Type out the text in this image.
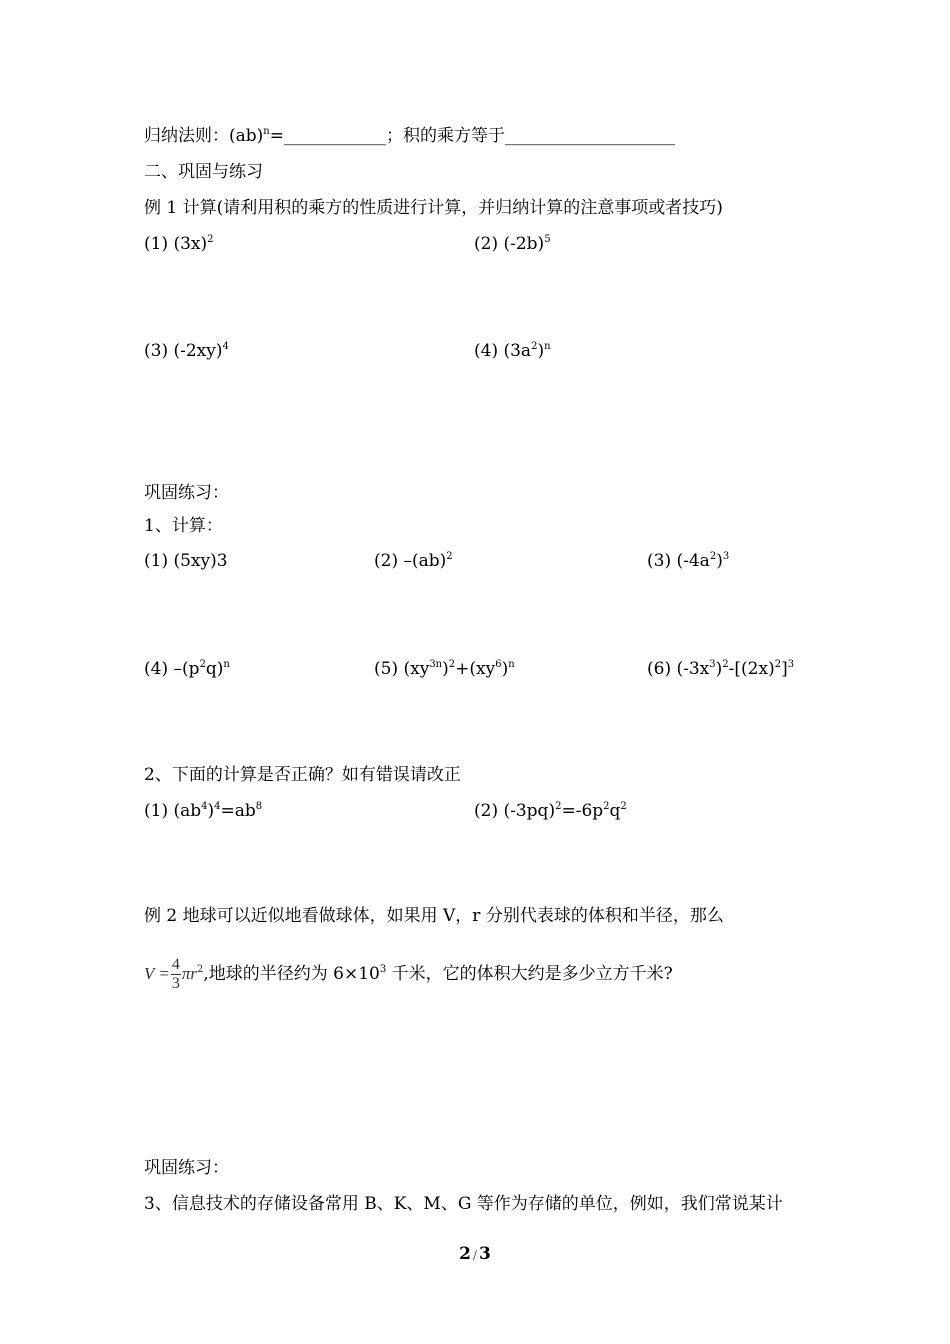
归纳法则：(ab)$^n$=____________；积的乘方等于____________________
二、巩固与练习
例 1 计算(请利用积的乘方的性质进行计算，并归纳计算的注意事项或者技巧)
(1) $(3x)^2$	(2) $(-2b)^5$
(3) $(-2xy)^4$	(4) $(3a^2)^n$
巩固练习：
1、计算：
(1) (5xy)3	(2) –(ab)$^2$	(3) $(-4a^2)^3$
(4) $-(p^2q)^n$	(5) $(xy^{3n})^2+(xy^6)^n$	(6) $(-3x^3)^2-[(2x)^2]^3$
2、下面的计算是否正确？如有错误请改正
(1) $(ab^4)^4=ab^8$	(2) $(-3pq)^2=-6p^2q^2$
例 2 地球可以近似地看做球体，如果用 V，r 分别代表球的体积和半径，那么
$V = \frac{4}{3} \pi r^2$,地球的半径约为 $6\times 10^3$ 千米，它的体积大约是多少立方千米?
巩固练习：
3、信息技术的存储设备常用 B、K、M、G 等作为存储的单位，例如，我们常说某计
2 / 3
